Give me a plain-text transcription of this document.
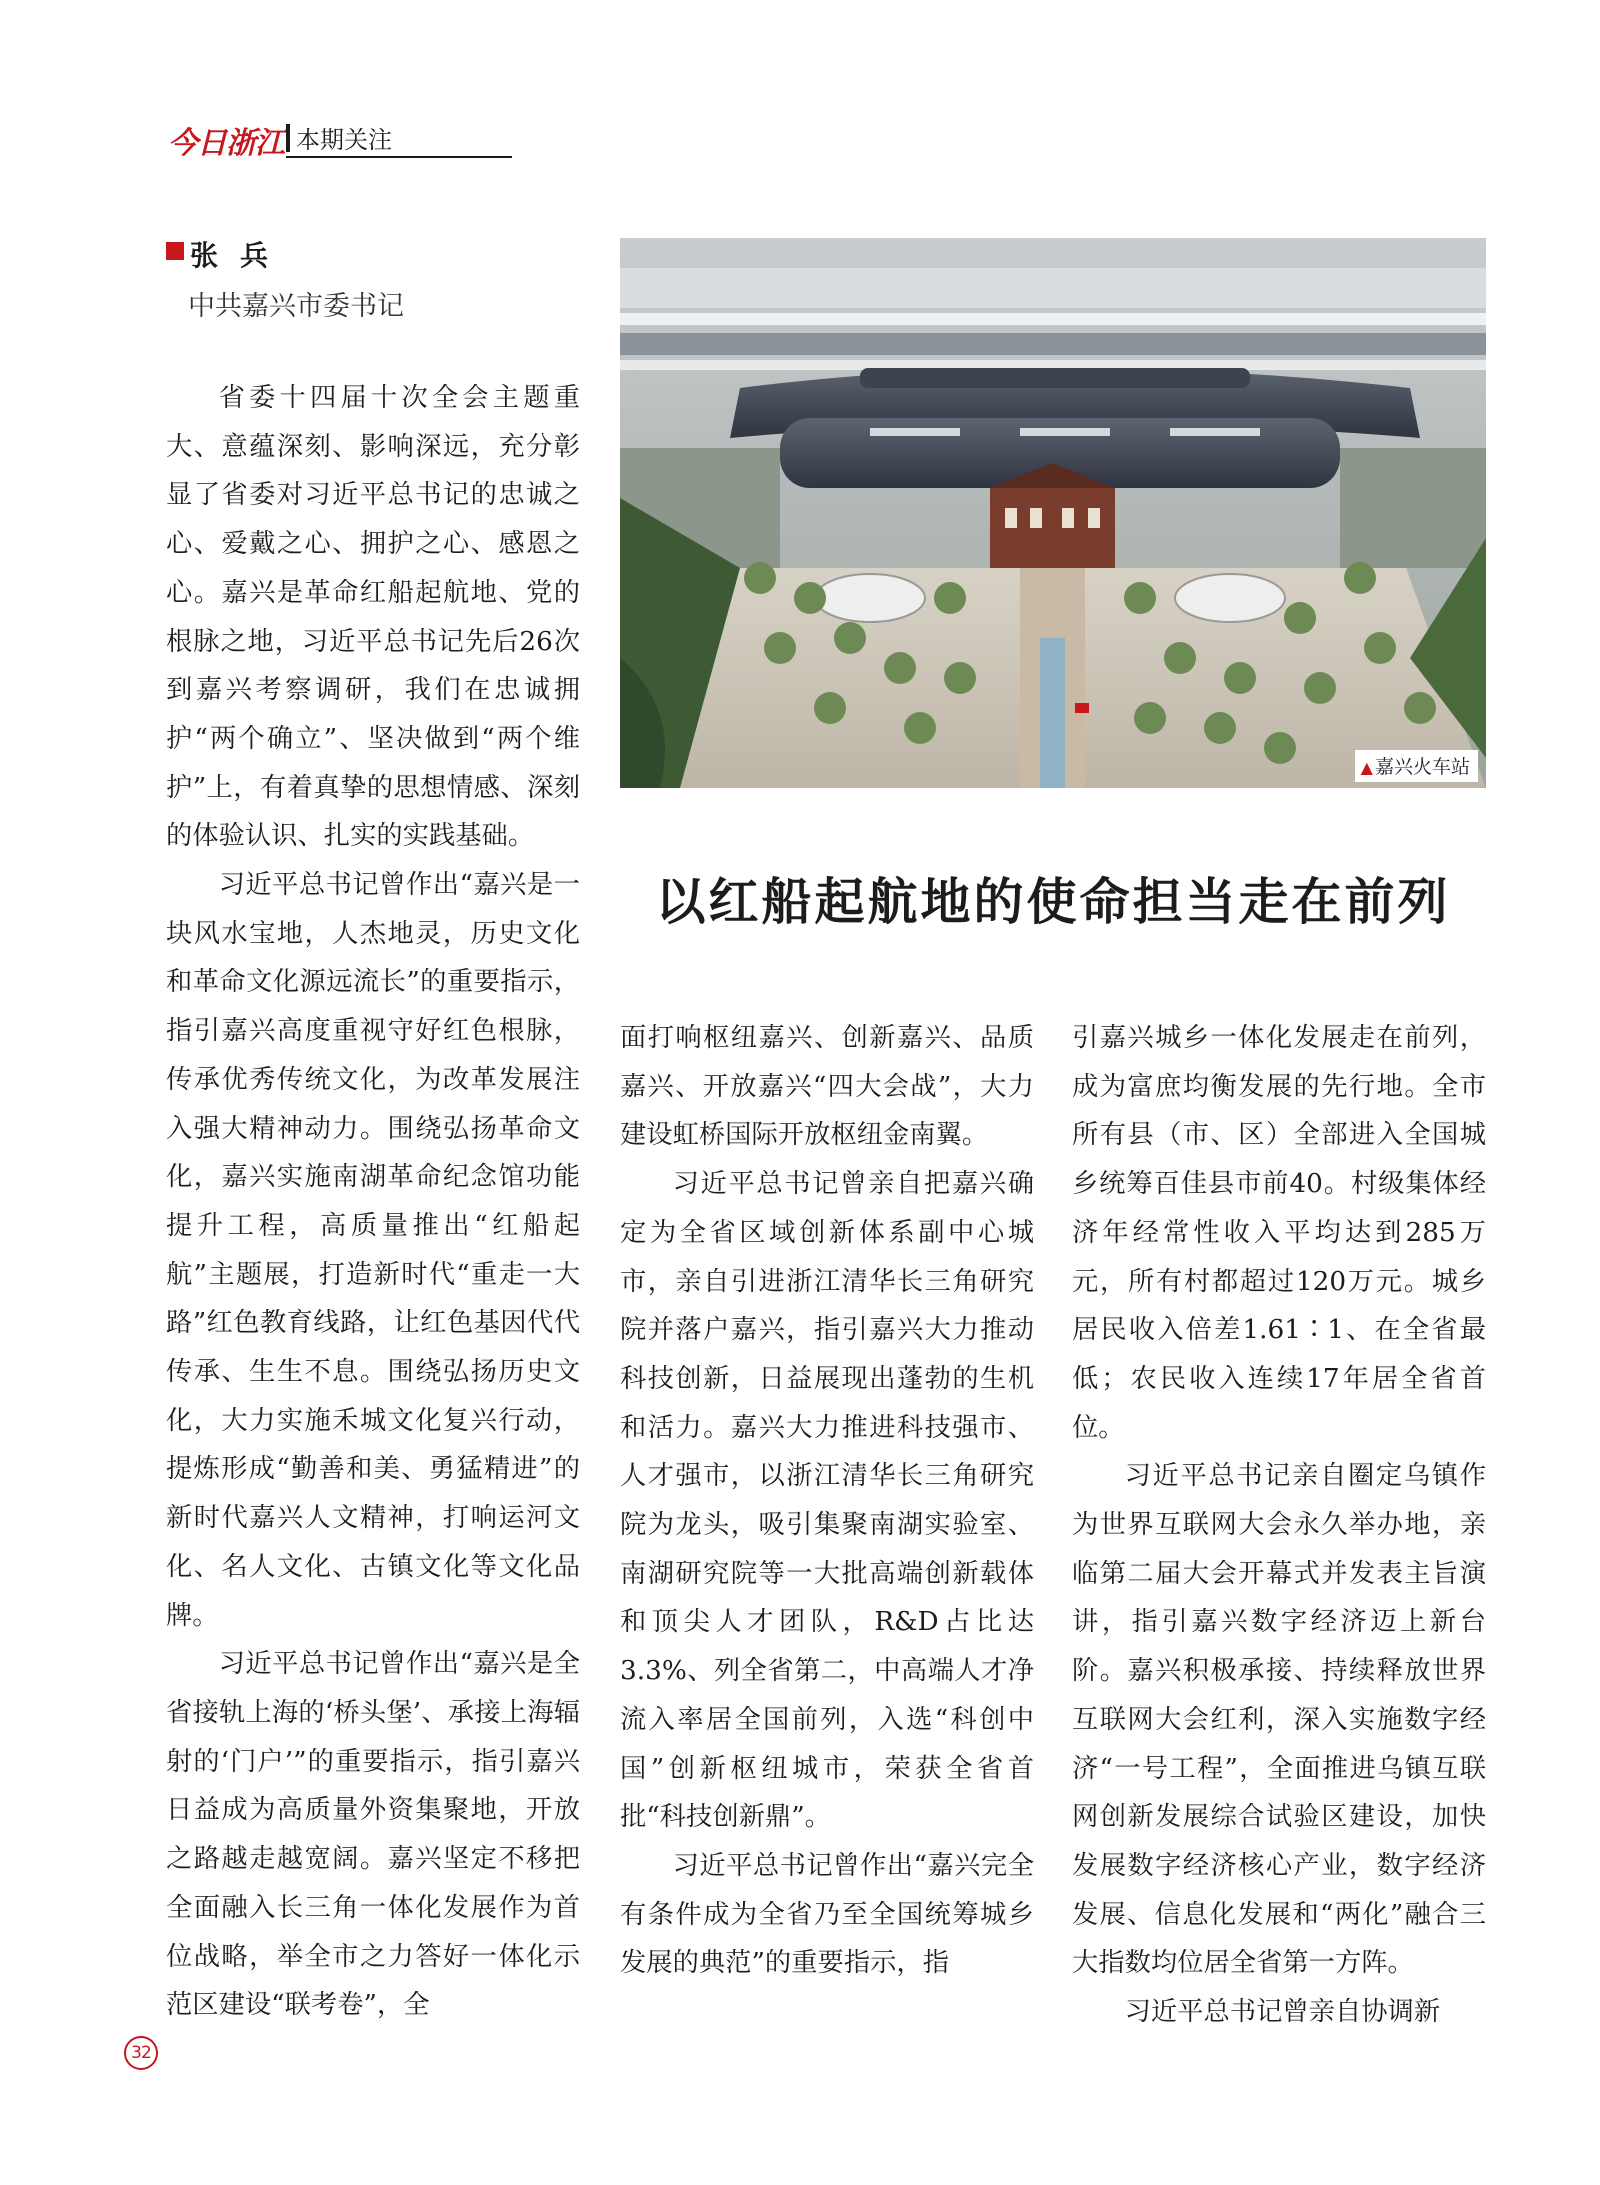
今日浙江 本期关注
张兵
中共嘉兴市委书记
▲ 嘉兴火车站
以红船起航地的使命担当走在前列

省委十四届十次全会主题重大、意蕴深刻、影响深远，充分彰显了省委对习近平总书记的忠诚之心、爱戴之心、拥护之心、感恩之心。嘉兴是革命红船起航地、党的根脉之地，习近平总书记先后26次到嘉兴考察调研，我们在忠诚拥护“两个确立”、坚决做到“两个维护”上，有着真挚的思想情感、深刻的体验认识、扎实的实践基础。

习近平总书记曾作出“嘉兴是一块风水宝地，人杰地灵，历史文化和革命文化源远流长”的重要指示，指引嘉兴高度重视守好红色根脉，传承优秀传统文化，为改革发展注入强大精神动力。围绕弘扬革命文化，嘉兴实施南湖革命纪念馆功能提升工程，高质量推出“红船起航”主题展，打造新时代“重走一大路”红色教育线路，让红色基因代代传承、生生不息。围绕弘扬历史文化，大力实施禾城文化复兴行动，提炼形成“勤善和美、勇猛精进”的新时代嘉兴人文精神，打响运河文化、名人文化、古镇文化等文化品牌。

习近平总书记曾作出“嘉兴是全省接轨上海的‘桥头堡’、承接上海辐射的‘门户’”的重要指示，指引嘉兴日益成为高质量外资集聚地，开放之路越走越宽阔。嘉兴坚定不移把全面融入长三角一体化发展作为首位战略，举全市之力答好一体化示范区建设“联考卷”，全

面打响枢纽嘉兴、创新嘉兴、品质嘉兴、开放嘉兴“四大会战”，大力建设虹桥国际开放枢纽金南翼。

习近平总书记曾亲自把嘉兴确定为全省区域创新体系副中心城市，亲自引进浙江清华长三角研究院并落户嘉兴，指引嘉兴大力推动科技创新，日益展现出蓬勃的生机和活力。嘉兴大力推进科技强市、人才强市，以浙江清华长三角研究院为龙头，吸引集聚南湖实验室、南湖研究院等一大批高端创新载体和顶尖人才团队，R&D占比达3.3%、列全省第二，中高端人才净流入率居全国前列，入选“科创中国”创新枢纽城市，荣获全省首批“科技创新鼎”。

习近平总书记曾作出“嘉兴完全有条件成为全省乃至全国统筹城乡发展的典范”的重要指示，指

引嘉兴城乡一体化发展走在前列，成为富庶均衡发展的先行地。全市所有县（市、区）全部进入全国城乡统筹百佳县市前40。村级集体经济年经常性收入平均达到285万元，所有村都超过120万元。城乡居民收入倍差1.61∶1、在全省最低；农民收入连续17年居全省首位。

习近平总书记亲自圈定乌镇作为世界互联网大会永久举办地，亲临第二届大会开幕式并发表主旨演讲，指引嘉兴数字经济迈上新台阶。嘉兴积极承接、持续释放世界互联网大会红利，深入实施数字经济“一号工程”，全面推进乌镇互联网创新发展综合试验区建设，加快发展数字经济核心产业，数字经济发展、信息化发展和“两化”融合三大指数均位居全省第一方阵。

习近平总书记曾亲自协调新

32
